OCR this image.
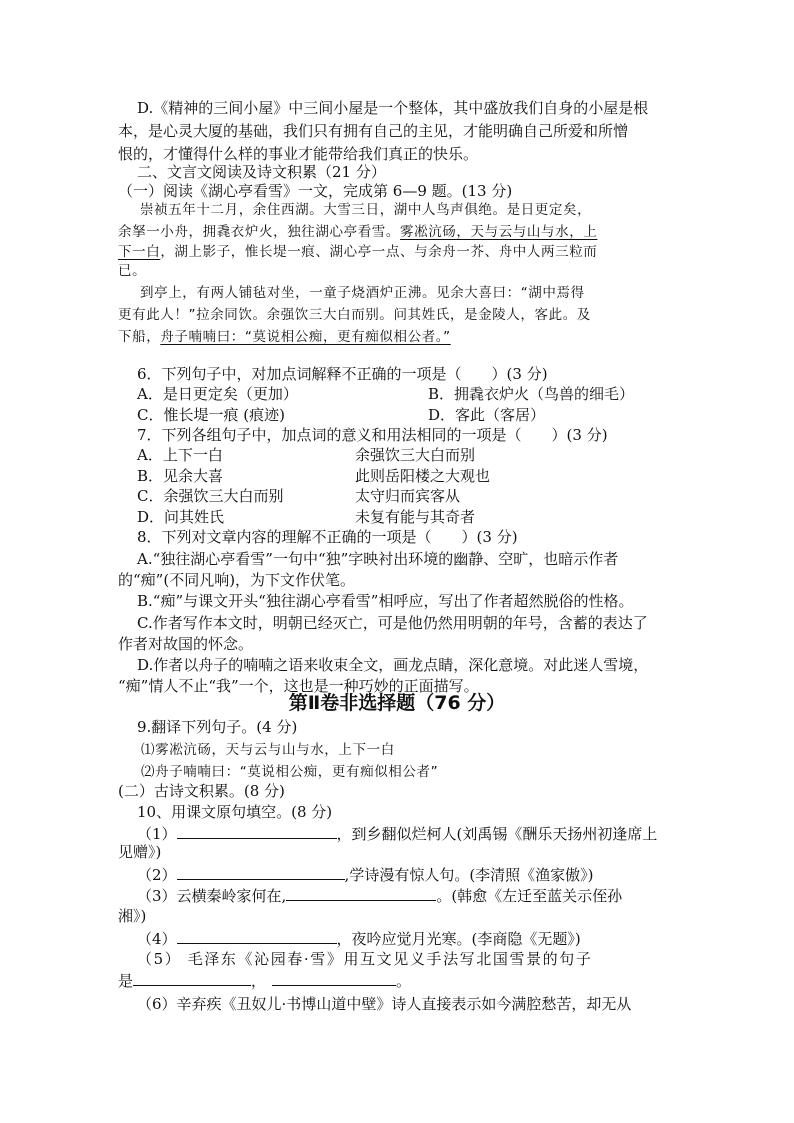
D.《精神的三间小屋》中三间小屋是一个整体，其中盛放我们自身的小屋是根
本，是心灵大厦的基础，我们只有拥有自己的主见，才能明确自己所爱和所憎
恨的，才懂得什么样的事业才能带给我们真正的快乐。
二、文言文阅读及诗文积累（21 分）
（一）阅读《湖心亭看雪》一文，完成第 6—9 题。(13 分)
崇祯五年十二月，余住西湖。大雪三日，湖中人鸟声俱绝。是日更定矣，
余拏一小舟，拥毳衣炉火，独往湖心亭看雪。雾凇沆砀，天与云与山与水，上
下一白，湖上影子，惟长堤一痕、湖心亭一点、与余舟一芥、舟中人两三粒而
已。
到亭上，有两人铺毡对坐，一童子烧酒炉正沸。见余大喜曰：“湖中焉得
更有此人！”拉余同饮。余强饮三大白而别。问其姓氏，是金陵人，客此。及
下船，舟子喃喃曰：“莫说相公痴，更有痴似相公者。”
6．下列句子中，对加点词解释不正确的一项是（　　）(3 分)
A．是日更定矣（更加）	B．拥毳衣炉火（鸟兽的细毛）
C．惟长堤一痕 (痕迹)	D．客此（客居）
7．下列各组句子中，加点词的意义和用法相同的一项是（　　）(3 分)
A．上下一白	余强饮三大白而别
B．见余大喜	此则岳阳楼之大观也
C．余强饮三大白而别	太守归而宾客从
D．问其姓氏	未复有能与其奇者
8．下列对文章内容的理解不正确的一项是（　　）(3 分)
A.“独往湖心亭看雪”一句中“独”字映衬出环境的幽静、空旷，也暗示作者
的“痴”(不同凡响)，为下文作伏笔。
B.“痴”与课文开头“独往湖心亭看雪”相呼应，写出了作者超然脱俗的性格。
C.作者写作本文时，明朝已经灭亡，可是他仍然用明朝的年号，含蓄的表达了
作者对故国的怀念。
D.作者以舟子的喃喃之语来收束全文，画龙点睛，深化意境。对此迷人雪境，
“痴”情人不止“我”一个，这也是一种巧妙的正面描写。
第Ⅱ卷非选择题（76 分）
9.翻译下列句子。(4 分)
⑴雾凇沆砀，天与云与山与水，上下一白
⑵舟子喃喃曰：“莫说相公痴，更有痴似相公者”
(二）古诗文积累。(8 分)
10、用课文原句填空。(8 分)
（1）	，到乡翻似烂柯人(刘禹锡《酬乐天扬州初逢席上
见赠》)
（2）	,学诗漫有惊人句。(李清照《渔家傲》)
（3）云横秦岭家何在,	。(韩愈《左迁至蓝关示侄孙
湘》)
（4）	，夜吟应觉月光寒。(李商隐《无题》)
（5） 毛泽东《沁园春·雪》用互文见义手法写北国雪景的句子
是	，	。
（6）辛弃疾《丑奴儿·书博山道中壁》诗人直接表示如今满腔愁苦，却无从
